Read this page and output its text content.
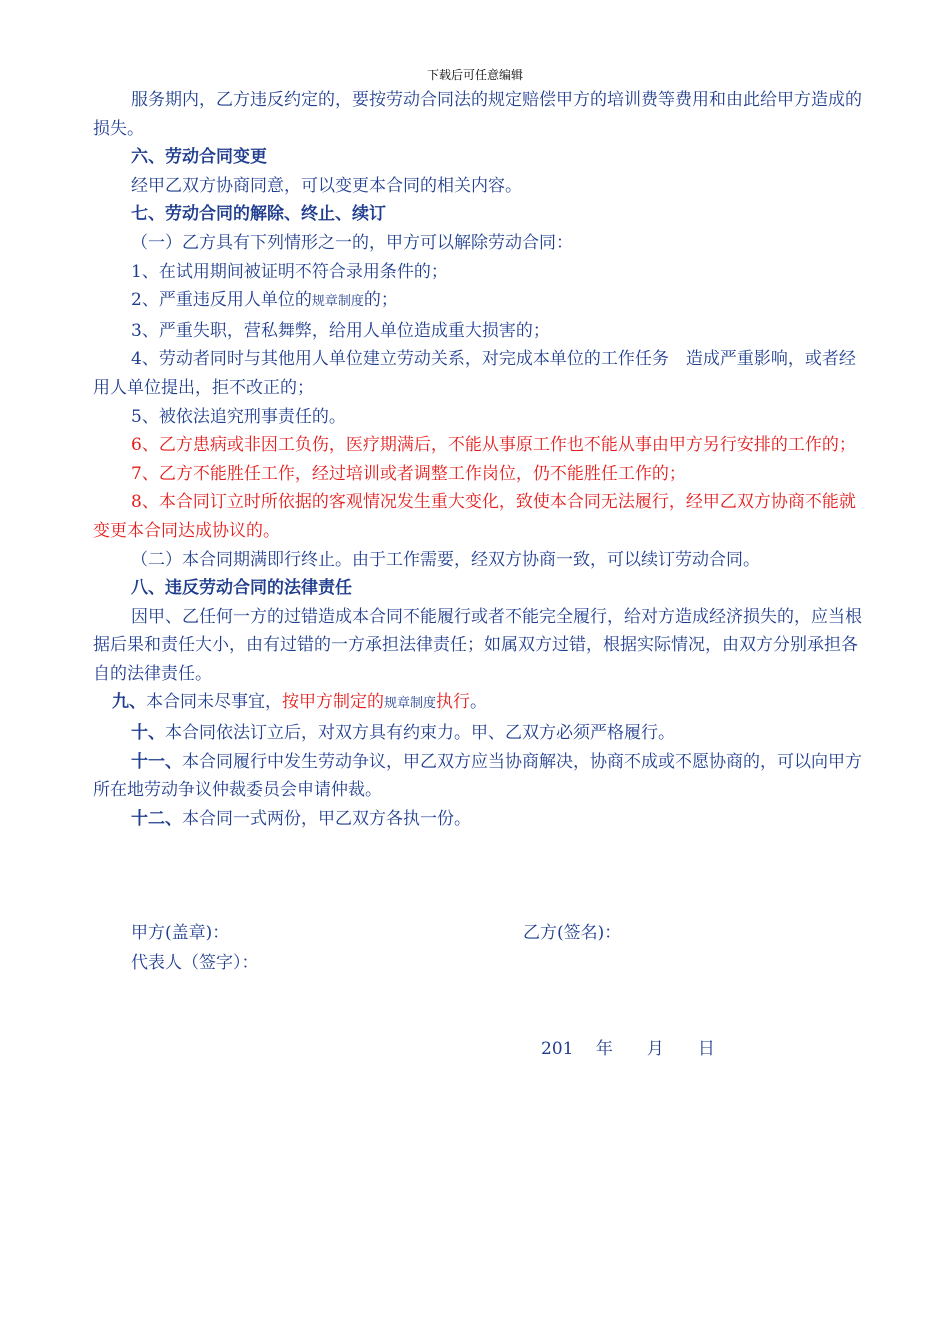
下载后可任意编辑

服务期内，乙方违反约定的，要按劳动合同法的规定赔偿甲方的培训费等费用和由此给甲方造成的损失。

六、劳动合同变更

经甲乙双方协商同意，可以变更本合同的相关内容。

七、劳动合同的解除、终止、续订

（一）乙方具有下列情形之一的，甲方可以解除劳动合同：

1、在试用期间被证明不符合录用条件的；

2、严重违反用人单位的规章制度的；

3、严重失职，营私舞弊，给用人单位造成重大损害的；

4、劳动者同时与其他用人单位建立劳动关系，对完成本单位的工作任务　造成严重影响，或者经用人单位提出，拒不改正的；

5、被依法追究刑事责任的。

6、乙方患病或非因工负伤，医疗期满后，不能从事原工作也不能从事由甲方另行安排的工作的；

7、乙方不能胜任工作，经过培训或者调整工作岗位，仍不能胜任工作的；

8、本合同订立时所依据的客观情况发生重大变化，致使本合同无法履行，经甲乙双方协商不能就变更本合同达成协议的。

（二）本合同期满即行终止。由于工作需要，经双方协商一致，可以续订劳动合同。

八、违反劳动合同的法律责任

因甲、乙任何一方的过错造成本合同不能履行或者不能完全履行，给对方造成经济损失的，应当根据后果和责任大小，由有过错的一方承担法律责任；如属双方过错，根据实际情况，由双方分别承担各自的法律责任。

九、本合同未尽事宜，按甲方制定的规章制度执行。

十、本合同依法订立后，对双方具有约束力。甲、乙双方必须严格履行。

十一、本合同履行中发生劳动争议，甲乙双方应当协商解决，协商不成或不愿协商的，可以向甲方所在地劳动争议仲裁委员会申请仲裁。

十二、本合同一式两份，甲乙双方各执一份。

甲方(盖章)：	乙方(签名)：
代表人（签字）：
201　 年　　月　　日
